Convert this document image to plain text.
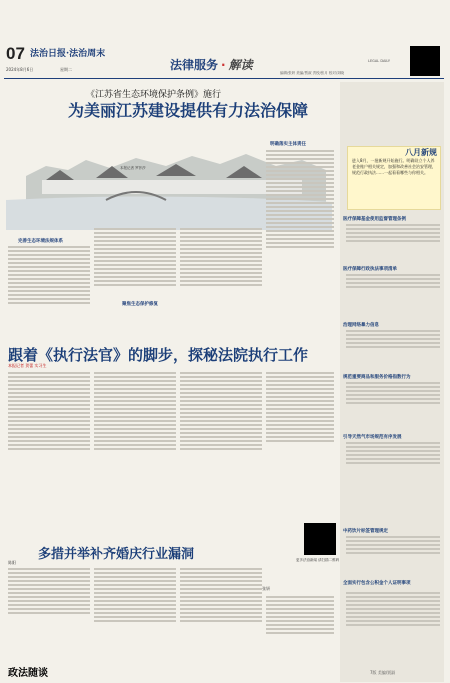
07 法治日报·法治周末
2024年8月6日	星期二	法律服务 · 解读
编辑/张妍 美编/贾淑 责校/张月 校对/刘晓
LEGAL DAILY
《江苏省生态环境保护条例》施行
为美丽江苏建设提供有力法治保障
本报记者 罗莎莎
完善生态环境法规体系
聚焦生态保护修复
明确落实主体责任
八月新规
进入8月，一批新规开始施行。明确设立个人养老金账户相关规定，加强和改善社会治安管理，规范行政执法……一起看看哪些与你相关。
医疗保障基金使用监督管理条例
医疗保障行政执法事项清单
治理网络暴力信息
规范重要商品和服务价格指数行为
引导天然气市场规范有序发展
中药饮片标签管理规定
全面实行包含公积金个人证明事项
跟着《执行法官》的脚步，探秘法院执行工作
本报记者 贺蕾 实习生
更多法治新闻 请扫描二维码
张妍
多措并举补齐婚庆行业漏洞
陈阳
政法随谈	7版 美编/贾淑
